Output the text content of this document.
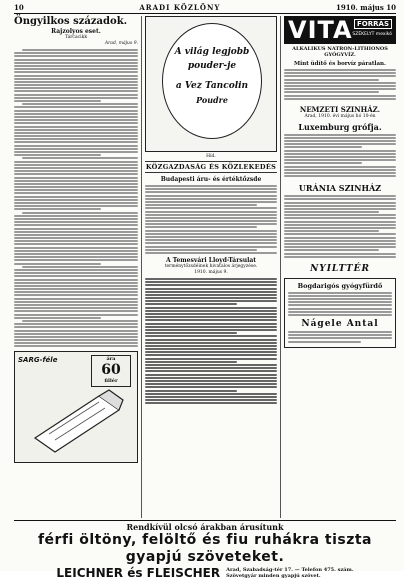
10	ARADI KÖZLÖNY	1910. május 10
Öngyilkos századok.
Rajzolyos eset.
Tárcacikk
Arad, május 9.
SARG-féle	ára
60
fillér
A világ legjobb
pouder-je
a Vez Tancolin
Poudre
Híd.
KÖZGAZDASÁG ÉS KÖZLEKEDÉS
Budapesti áru- és értéktőzsde
A Temesvári Lloyd-Társulat
terménytőzsdéinek hivatalos árjegyzése.
1910. május 9.
VITA FORRÁS
SZÉKELYT mexikó
ALKALIKUS NATRON-LITHIONOS GYÓGYVÍZ.
Mint üdítő és borvíz páratlan.
NEMZETI SZINHÁZ.
Arad, 1910. évi május hó 10-én
Luxemburg grófja.
URÁNIA SZINHÁZ
NYILTTÉR
Bogdarigós gyógyfürdő
Nágele Antal
Rendkívül olcsó árakban árusítunk
férfi öltöny, felöltő és fiu ruhákra tiszta gyapjú szöveteket.
LEICHNER és FLEISCHER Arad, Szabadság-tér 17. — Telefon 475. szám.
Szövetgyár minden gyapjú szövet.
